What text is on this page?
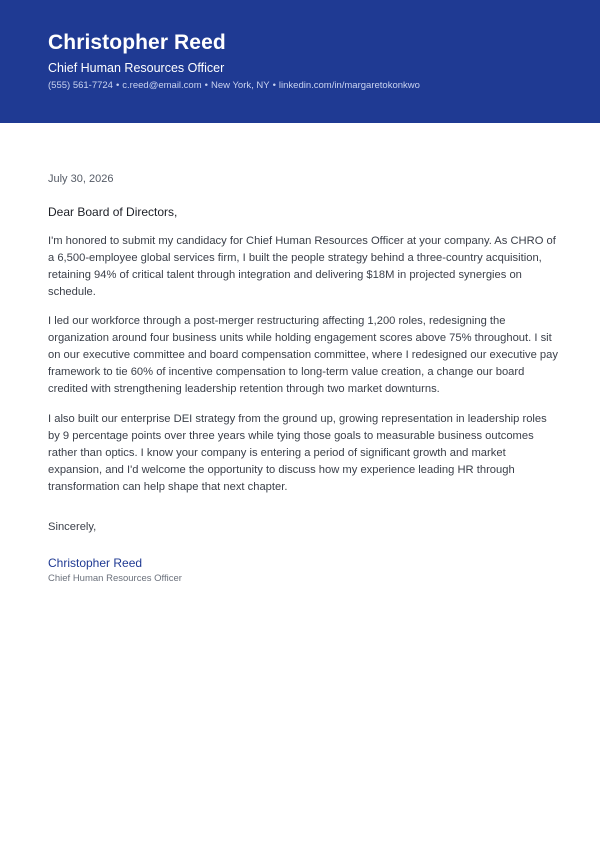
Christopher Reed
Chief Human Resources Officer
(555) 561-7724 • c.reed@email.com • New York, NY • linkedin.com/in/margaretokonkwo
July 30, 2026
Dear Board of Directors,

I'm honored to submit my candidacy for Chief Human Resources Officer at your company. As CHRO of a 6,500-employee global services firm, I built the people strategy behind a three-country acquisition, retaining 94% of critical talent through integration and delivering $18M in projected synergies on schedule.

I led our workforce through a post-merger restructuring affecting 1,200 roles, redesigning the organization around four business units while holding engagement scores above 75% throughout. I sit on our executive committee and board compensation committee, where I redesigned our executive pay framework to tie 60% of incentive compensation to long-term value creation, a change our board credited with strengthening leadership retention through two market downturns.

I also built our enterprise DEI strategy from the ground up, growing representation in leadership roles by 9 percentage points over three years while tying those goals to measurable business outcomes rather than optics. I know your company is entering a period of significant growth and market expansion, and I'd welcome the opportunity to discuss how my experience leading HR through transformation can help shape that next chapter.

Sincerely,
Christopher Reed
Chief Human Resources Officer
